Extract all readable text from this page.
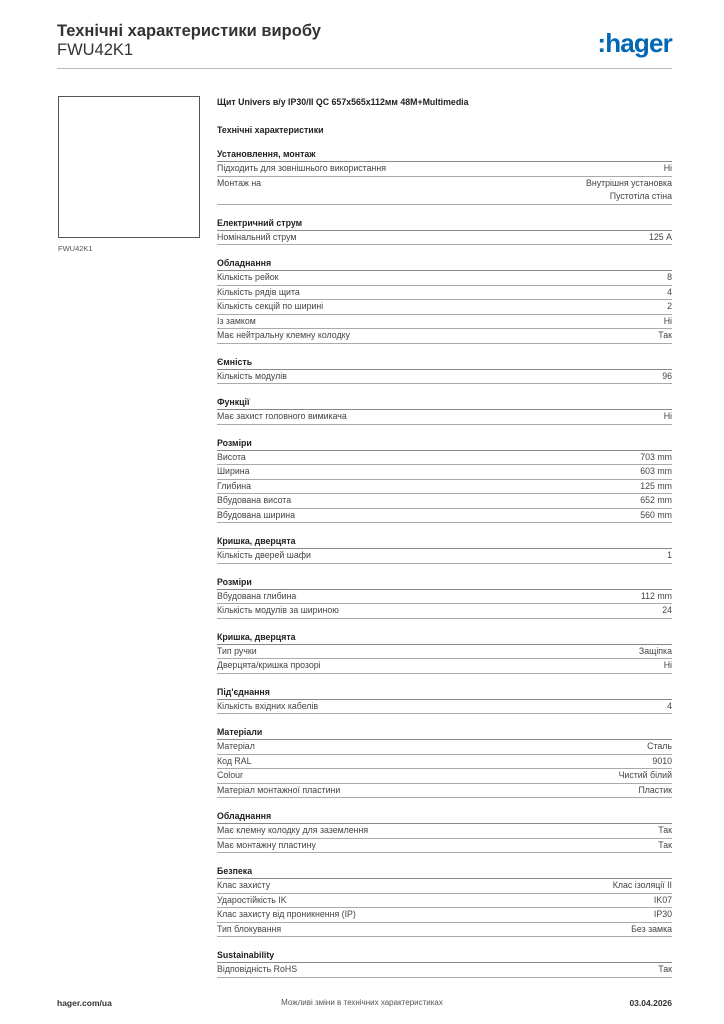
Технічні характеристики виробу
FWU42K1	:hager
FWU42K1
Щит Univers в/у IP30/II QC 657x565x112мм 48M+Multimedia
Технічні характеристики
Установлення, монтаж
Підходить для зовнішнього використання	Ні
Монтаж на	Внутрішня установка
Пустотіла стіна
Електричний струм
Номінальний струм	125 А
Обладнання
Кількість рейок	8
Кількість рядів щита	4
Кількість секцій по ширині	2
Із замком	Ні
Має нейтральну клемну колодку	Так
Ємність
Кількість модулів	96
Функції
Має захист головного вимикача	Ні
Розміри
Висота	703 mm
Ширина	603 mm
Глибина	125 mm
Вбудована висота	652 mm
Вбудована ширина	560 mm
Кришка, дверцята
Кількість дверей шафи	1
Розміри
Вбудована глибина	112 mm
Кількість модулів за шириною	24
Кришка, дверцята
Тип ручки	Защіпка
Дверцята/кришка прозорі	Ні
Під'єднання
Кількість вхідних кабелів	4
Матеріали
Матеріал	Сталь
Код RAL	9010
Colour	Чистий білий
Матеріал монтажної пластини	Пластик
Обладнання
Має клемну колодку для заземлення	Так
Має монтажну пластину	Так
Безпека
Клас захисту	Клас ізоляції II
Ударостійкість IK	IK07
Клас захисту від проникнення (IP)	IP30
Тип блокування	Без замка
Sustainability
Відповідність RoHS	Так
hager.com/ua	Можливі зміни в технічних характеристиках	03.04.2026
